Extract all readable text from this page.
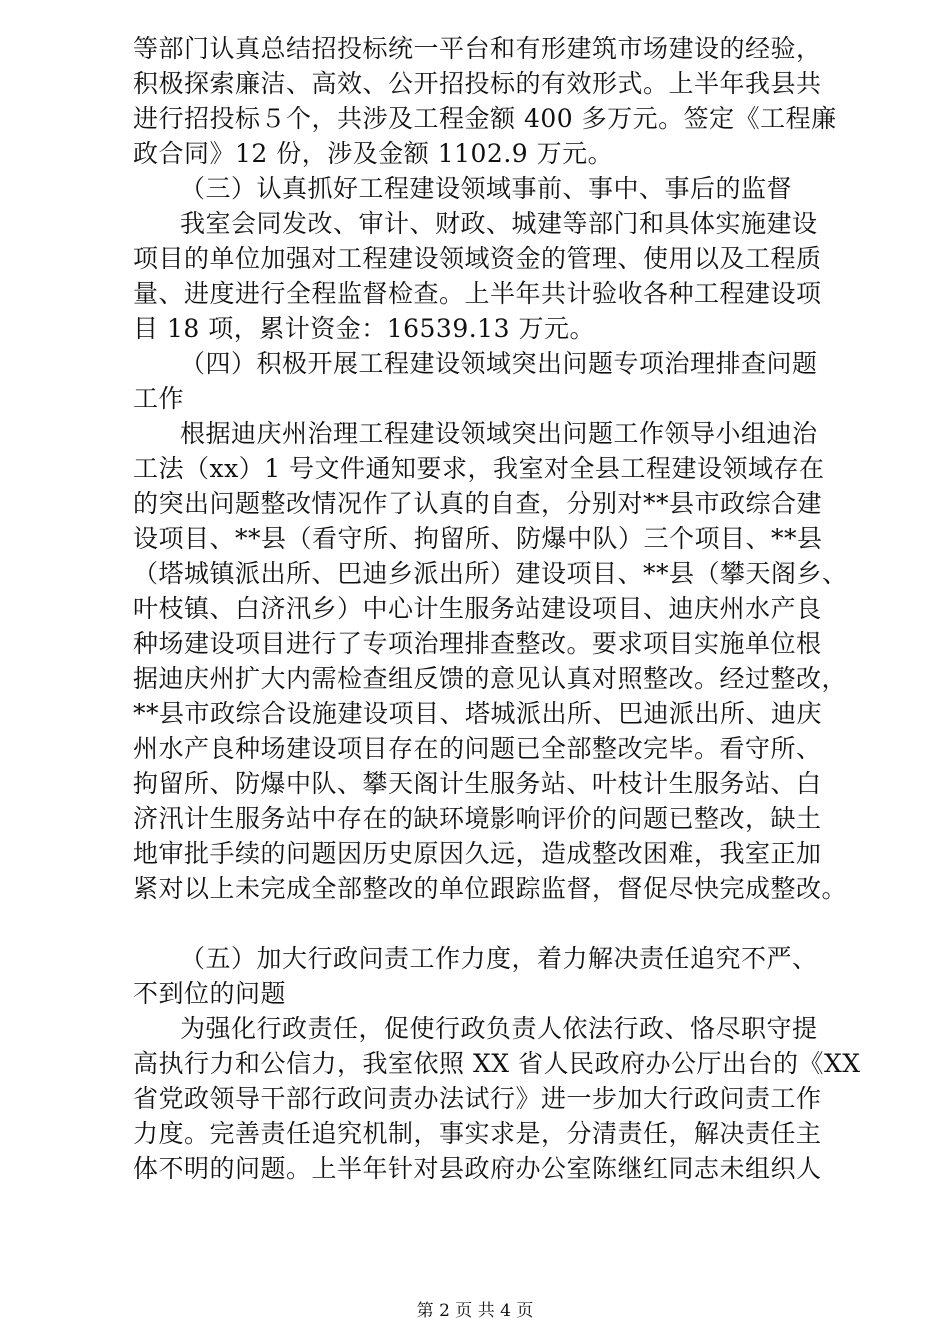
等部门认真总结招投标统一平台和有形建筑市场建设的经验，
积极探索廉洁、高效、公开招投标的有效形式。上半年我县共
进行招投标５个，共涉及工程金额 400 多万元。签定《工程廉
政合同》12 份，涉及金额 1102.9 万元。
（三）认真抓好工程建设领域事前、事中、事后的监督
我室会同发改、审计、财政、城建等部门和具体实施建设
项目的单位加强对工程建设领域资金的管理、使用以及工程质
量、进度进行全程监督检查。上半年共计验收各种工程建设项
目 18 项，累计资金：16539.13 万元。
（四）积极开展工程建设领域突出问题专项治理排查问题
工作
根据迪庆州治理工程建设领域突出问题工作领导小组迪治
工法（xx）1 号文件通知要求，我室对全县工程建设领域存在
的突出问题整改情况作了认真的自查，分别对**县市政综合建
设项目、**县（看守所、拘留所、防爆中队）三个项目、**县
（塔城镇派出所、巴迪乡派出所）建设项目、**县（攀天阁乡、
叶枝镇、白济汛乡）中心计生服务站建设项目、迪庆州水产良
种场建设项目进行了专项治理排查整改。要求项目实施单位根
据迪庆州扩大内需检查组反馈的意见认真对照整改。经过整改，
**县市政综合设施建设项目、塔城派出所、巴迪派出所、迪庆
州水产良种场建设项目存在的问题已全部整改完毕。看守所、
拘留所、防爆中队、攀天阁计生服务站、叶枝计生服务站、白
济汛计生服务站中存在的缺环境影响评价的问题已整改，缺土
地审批手续的问题因历史原因久远，造成整改困难，我室正加
紧对以上未完成全部整改的单位跟踪监督，督促尽快完成整改。
（五）加大行政问责工作力度，着力解决责任追究不严、
不到位的问题
为强化行政责任，促使行政负责人依法行政、恪尽职守提
高执行力和公信力，我室依照 XX 省人民政府办公厅出台的《XX
省党政领导干部行政问责办法试行》进一步加大行政问责工作
力度。完善责任追究机制，事实求是，分清责任，解决责任主
体不明的问题。上半年针对县政府办公室陈继红同志未组织人
第 2 页 共 4 页
